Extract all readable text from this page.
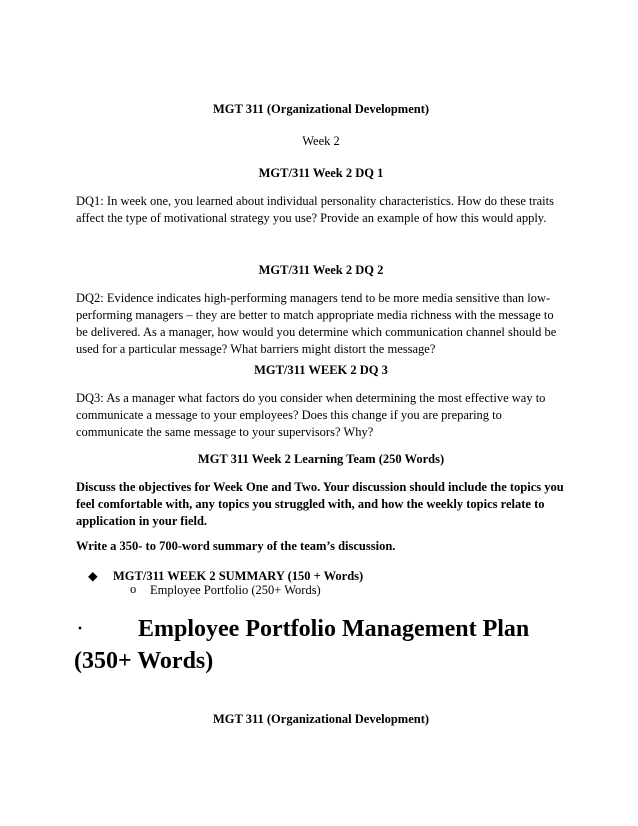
MGT 311 (Organizational Development)
Week 2
MGT/311 Week 2 DQ 1
DQ1: In week one, you learned about individual personality characteristics. How do these traits affect the type of motivational strategy you use? Provide an example of how this would apply.
MGT/311 Week 2 DQ 2
DQ2: Evidence indicates high-performing managers tend to be more media sensitive than low-performing managers – they are better to match appropriate media richness with the message to be delivered. As a manager, how would you determine which communication channel should be used for a particular message? What barriers might distort the message?
MGT/311 WEEK 2 DQ 3
DQ3: As a manager what factors do you consider when determining the most effective way to communicate a message to your employees? Does this change if you are preparing to communicate the same message to your supervisors? Why?
MGT 311 Week 2 Learning Team (250 Words)
Discuss the objectives for Week One and Two. Your discussion should include the topics you feel comfortable with, any topics you struggled with, and how the weekly topics relate to application in your field.
Write a 350- to 700-word summary of the team’s discussion.
◆ MGT/311 WEEK 2 SUMMARY (150 + Words)
o Employee Portfolio (250+ Words)
·	Employee Portfolio Management Plan
(350+ Words)
MGT 311 (Organizational Development)
